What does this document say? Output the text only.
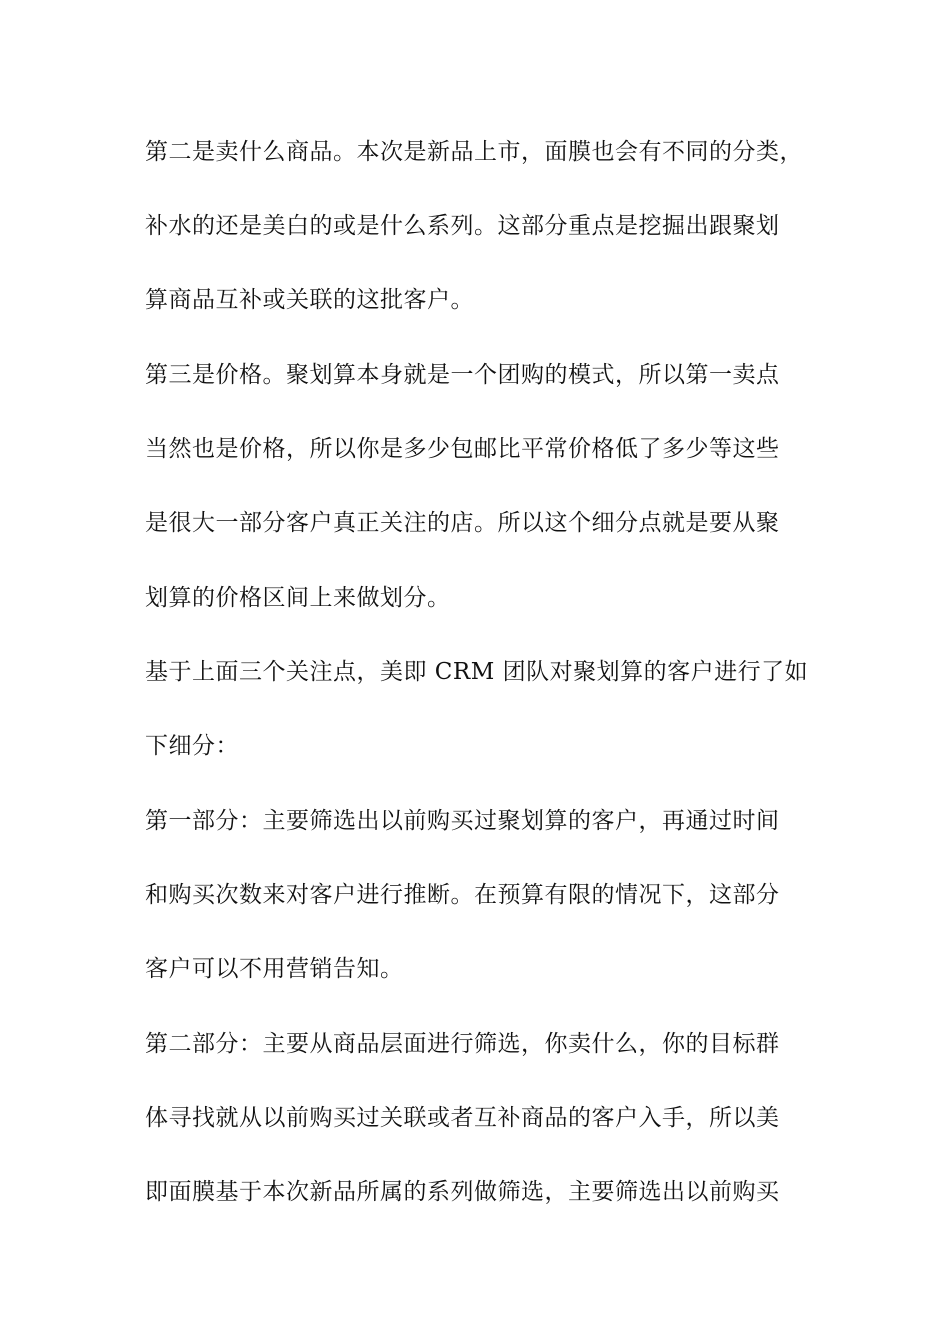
第二是卖什么商品。本次是新品上市，面膜也会有不同的分类，

补水的还是美白的或是什么系列。这部分重点是挖掘出跟聚划

算商品互补或关联的这批客户。

第三是价格。聚划算本身就是一个团购的模式，所以第一卖点

当然也是价格，所以你是多少包邮比平常价格低了多少等这些

是很大一部分客户真正关注的店。所以这个细分点就是要从聚

划算的价格区间上来做划分。

基于上面三个关注点，美即 CRM 团队对聚划算的客户进行了如

下细分：

第一部分：主要筛选出以前购买过聚划算的客户，再通过时间

和购买次数来对客户进行推断。在预算有限的情况下，这部分

客户可以不用营销告知。

第二部分：主要从商品层面进行筛选，你卖什么，你的目标群

体寻找就从以前购买过关联或者互补商品的客户入手，所以美

即面膜基于本次新品所属的系列做筛选，主要筛选出以前购买
